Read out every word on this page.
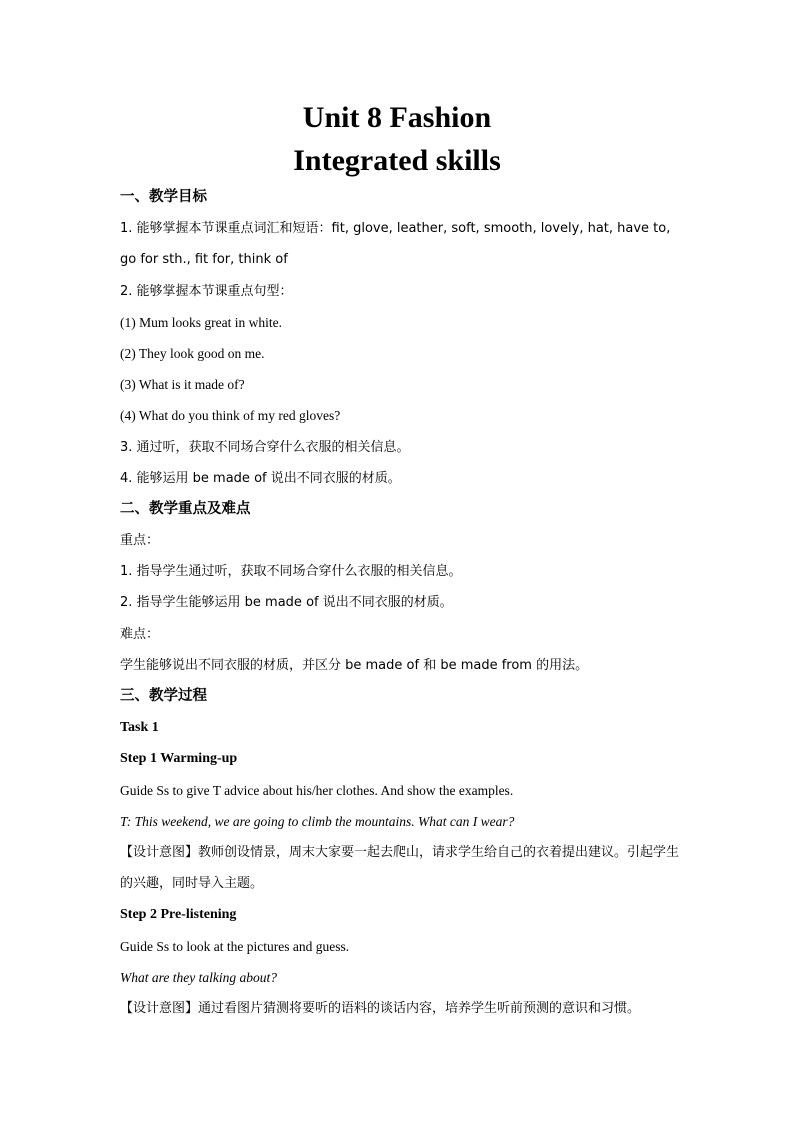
Unit 8 Fashion
Integrated skills

一、教学目标

1. 能够掌握本节课重点词汇和短语：fit, glove, leather, soft, smooth, lovely, hat, have to, go for sth., fit for, think of

2. 能够掌握本节课重点句型：

(1) Mum looks great in white.

(2) They look good on me.

(3) What is it made of?

(4) What do you think of my red gloves?

3. 通过听，获取不同场合穿什么衣服的相关信息。

4. 能够运用 be made of 说出不同衣服的材质。

二、教学重点及难点

重点：

1. 指导学生通过听，获取不同场合穿什么衣服的相关信息。

2. 指导学生能够运用 be made of 说出不同衣服的材质。

难点：

学生能够说出不同衣服的材质，并区分 be made of 和 be made from 的用法。

三、教学过程

Task 1

Step 1 Warming-up

Guide Ss to give T advice about his/her clothes. And show the examples.

T: This weekend, we are going to climb the mountains. What can I wear?

【设计意图】教师创设情景，周末大家要一起去爬山，请求学生给自己的衣着提出建议。引起学生的兴趣，同时导入主题。

Step 2 Pre-listening

Guide Ss to look at the pictures and guess.

What are they talking about?

【设计意图】通过看图片猜测将要听的语料的谈话内容，培养学生听前预测的意识和习惯。
